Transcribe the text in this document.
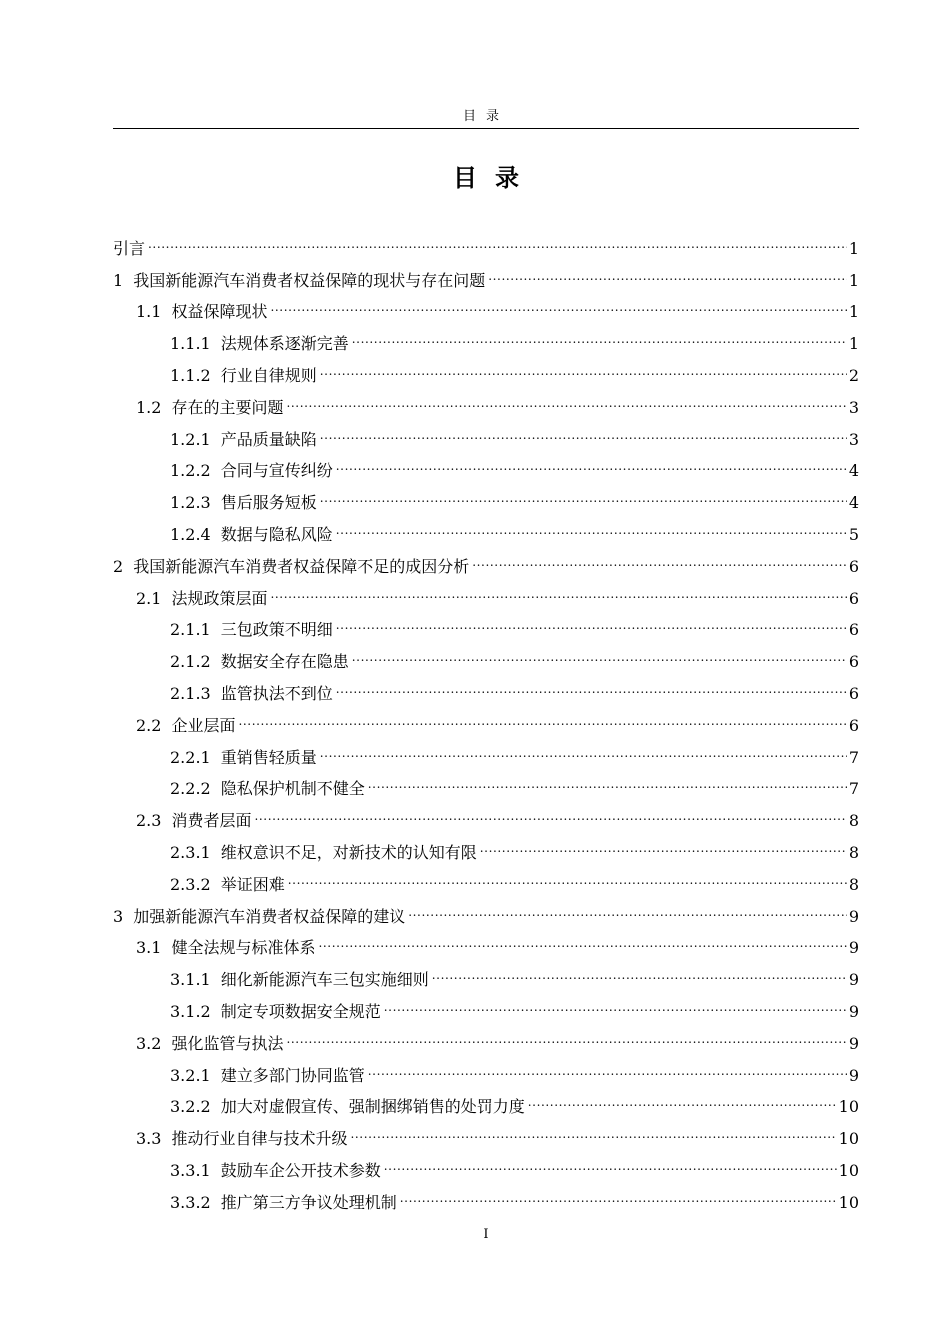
目录
目录
引言 .....	1
1 我国新能源汽车消费者权益保障的现状与存在问题 .....	1
1.1 权益保障现状 .....	1
1.1.1 法规体系逐渐完善 .....	1
1.1.2 行业自律规则 .....	2
1.2 存在的主要问题 .....	3
1.2.1 产品质量缺陷 .....	3
1.2.2 合同与宣传纠纷 .....	4
1.2.3 售后服务短板 .....	4
1.2.4 数据与隐私风险 .....	5
2 我国新能源汽车消费者权益保障不足的成因分析 .....	6
2.1 法规政策层面 .....	6
2.1.1 三包政策不明细 .....	6
2.1.2 数据安全存在隐患 .....	6
2.1.3 监管执法不到位 .....	6
2.2 企业层面 .....	6
2.2.1 重销售轻质量 .....	7
2.2.2 隐私保护机制不健全 .....	7
2.3 消费者层面 .....	8
2.3.1 维权意识不足，对新技术的认知有限 .....	8
2.3.2 举证困难 .....	8
3 加强新能源汽车消费者权益保障的建议 .....	9
3.1 健全法规与标准体系 .....	9
3.1.1 细化新能源汽车三包实施细则 .....	9
3.1.2 制定专项数据安全规范 .....	9
3.2 强化监管与执法 .....	9
3.2.1 建立多部门协同监管 .....	9
3.2.2 加大对虚假宣传、强制捆绑销售的处罚力度 .....	10
3.3 推动行业自律与技术升级 .....	10
3.3.1 鼓励车企公开技术参数 .....	10
3.3.2 推广第三方争议处理机制 .....	10
I
